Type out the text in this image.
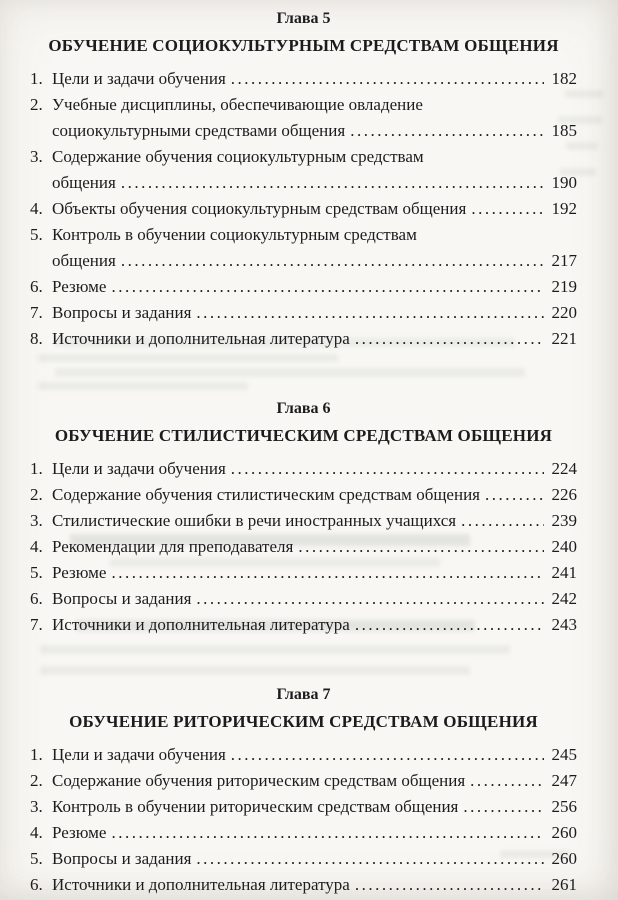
Глава 5
ОБУЧЕНИЕ СОЦИОКУЛЬТУРНЫМ СРЕДСТВАМ ОБЩЕНИЯ
1. Цели и задачи обучения .....	182
2. Учебные дисциплины, обеспечивающие овладение
социокультурными средствами общения .....	185
3. Содержание обучения социокультурным средствам
общения .....	190
4. Объекты обучения социокультурным средствам общения .....	192
5. Контроль в обучении социокультурным средствам
общения .....	217
6. Резюме .....	219
7. Вопросы и задания .....	220
8. Источники и дополнительная литература .....	221
Глава 6
ОБУЧЕНИЕ СТИЛИСТИЧЕСКИМ СРЕДСТВАМ ОБЩЕНИЯ
1. Цели и задачи обучения .....	224
2. Содержание обучения стилистическим средствам общения .....	226
3. Стилистические ошибки в речи иностранных учащихся .....	239
4. Рекомендации для преподавателя .....	240
5. Резюме .....	241
6. Вопросы и задания .....	242
7. Источники и дополнительная литература .....	243
Глава 7
ОБУЧЕНИЕ РИТОРИЧЕСКИМ СРЕДСТВАМ ОБЩЕНИЯ
1. Цели и задачи обучения .....	245
2. Содержание обучения риторическим средствам общения .....	247
3. Контроль в обучении риторическим средствам общения .....	256
4. Резюме .....	260
5. Вопросы и задания .....	260
6. Источники и дополнительная литература .....	261
